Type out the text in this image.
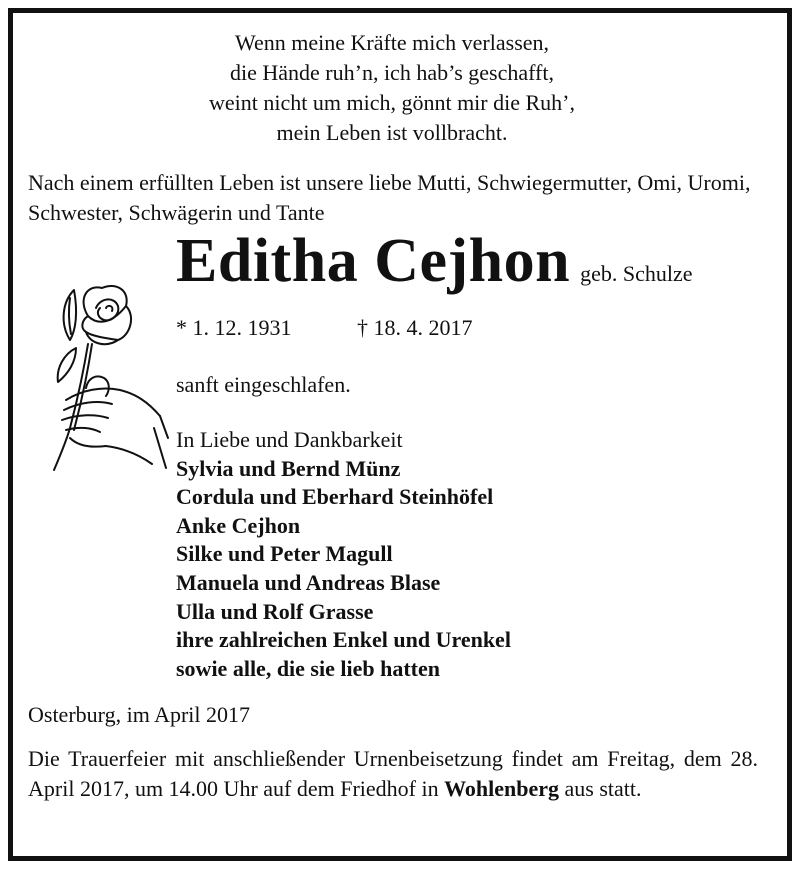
Wenn meine Kräfte mich verlassen,
die Hände ruh’n, ich hab’s geschafft,
weint nicht um mich, gönnt mir die Ruh’,
mein Leben ist vollbracht.
Nach einem erfüllten Leben ist unsere liebe Mutti, Schwiegermutter, Omi, Uromi, Schwester, Schwägerin und Tante
Editha Cejhon geb. Schulze
* 1. 12. 1931	† 18. 4. 2017
sanft eingeschlafen.
In Liebe und Dankbarkeit
Sylvia und Bernd Münz
Cordula und Eberhard Steinhöfel
Anke Cejhon
Silke und Peter Magull
Manuela und Andreas Blase
Ulla und Rolf Grasse
ihre zahlreichen Enkel und Urenkel
sowie alle, die sie lieb hatten
Osterburg, im April 2017
Die Trauerfeier mit anschließender Urnenbeisetzung findet am Freitag, dem 28. April 2017, um 14.00 Uhr auf dem Friedhof in Wohlenberg aus statt.
